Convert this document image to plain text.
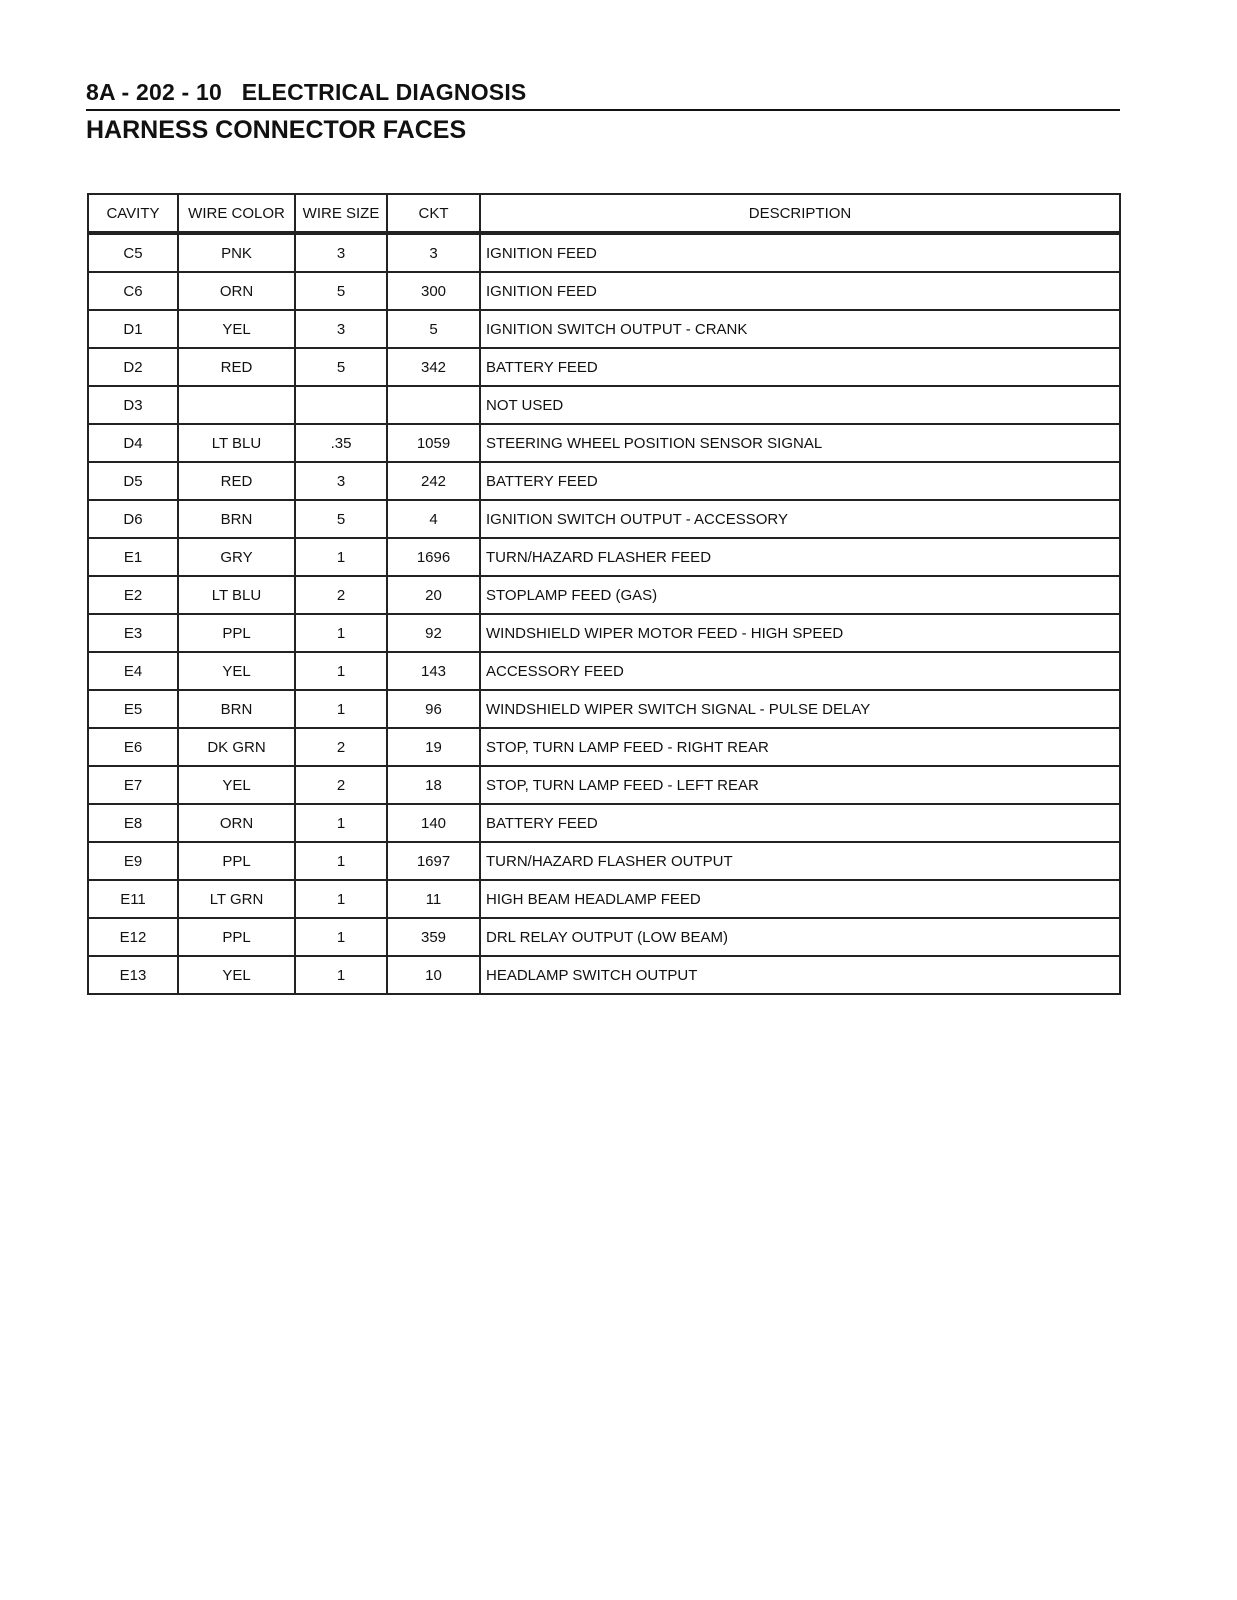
8A - 202 - 10 ELECTRICAL DIAGNOSIS
HARNESS CONNECTOR FACES
CAVITY	WIRE COLOR	WIRE SIZE	CKT	DESCRIPTION
C5	PNK	3	3	IGNITION FEED
C6	ORN	5	300	IGNITION FEED
D1	YEL	3	5	IGNITION SWITCH OUTPUT - CRANK
D2	RED	5	342	BATTERY FEED
D3				NOT USED
D4	LT BLU	.35	1059	STEERING WHEEL POSITION SENSOR SIGNAL
D5	RED	3	242	BATTERY FEED
D6	BRN	5	4	IGNITION SWITCH OUTPUT - ACCESSORY
E1	GRY	1	1696	TURN/HAZARD FLASHER FEED
E2	LT BLU	2	20	STOPLAMP FEED (GAS)
E3	PPL	1	92	WINDSHIELD WIPER MOTOR FEED - HIGH SPEED
E4	YEL	1	143	ACCESSORY FEED
E5	BRN	1	96	WINDSHIELD WIPER SWITCH SIGNAL - PULSE DELAY
E6	DK GRN	2	19	STOP, TURN LAMP FEED - RIGHT REAR
E7	YEL	2	18	STOP, TURN LAMP FEED - LEFT REAR
E8	ORN	1	140	BATTERY FEED
E9	PPL	1	1697	TURN/HAZARD FLASHER OUTPUT
E11	LT GRN	1	11	HIGH BEAM HEADLAMP FEED
E12	PPL	1	359	DRL RELAY OUTPUT (LOW BEAM)
E13	YEL	1	10	HEADLAMP SWITCH OUTPUT
